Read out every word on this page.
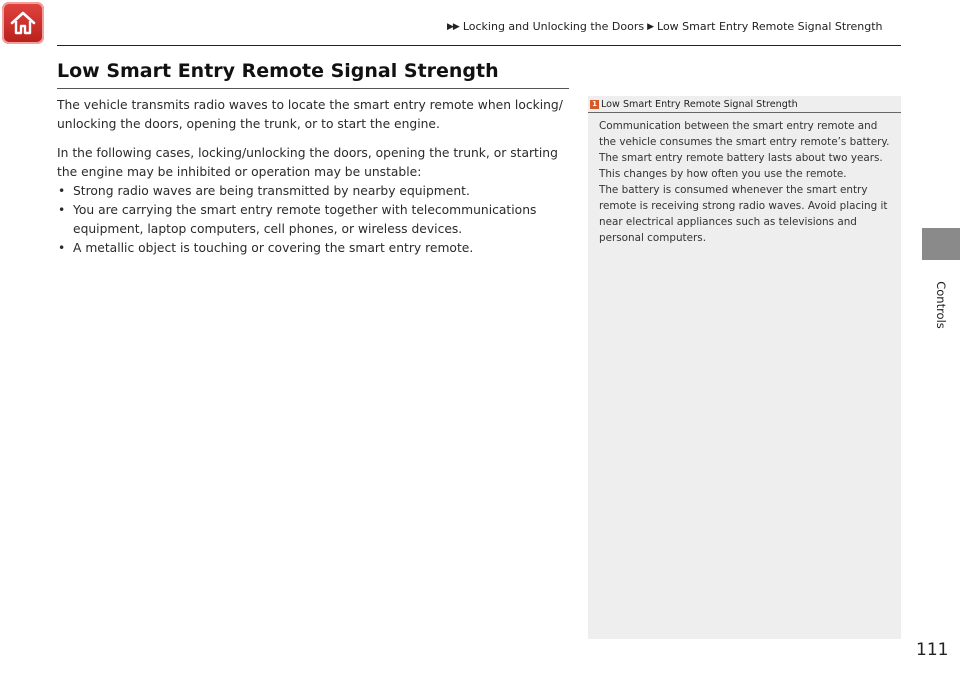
▶▶ Locking and Unlocking the Doors ▶ Low Smart Entry Remote Signal Strength
Low Smart Entry Remote Signal Strength

The vehicle transmits radio waves to locate the smart entry remote when locking/ unlocking the doors, opening the trunk, or to start the engine.

In the following cases, locking/unlocking the doors, opening the trunk, or starting the engine may be inhibited or operation may be unstable:

• Strong radio waves are being transmitted by nearby equipment.
• You are carrying the smart entry remote together with telecommunications equipment, laptop computers, cell phones, or wireless devices.
• A metallic object is touching or covering the smart entry remote.
1 Low Smart Entry Remote Signal Strength

Communication between the smart entry remote and the vehicle consumes the smart entry remote’s battery.

The smart entry remote battery lasts about two years. This changes by how often you use the remote.

The battery is consumed whenever the smart entry remote is receiving strong radio waves. Avoid placing it near electrical appliances such as televisions and personal computers.

Controls
111
